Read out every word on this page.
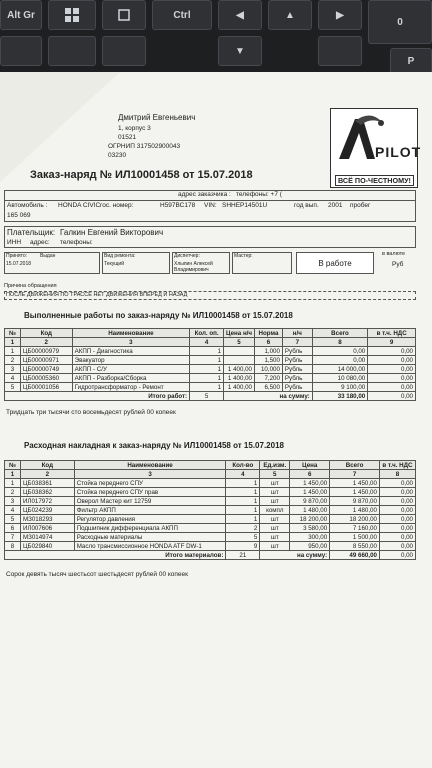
Alt Gr	Ctrl	◀	▲	▶
0
▼
P
Дмитрий Евгеньевич
1, корпус 3
01521
ОГРНИП 317502900043
03230
Заказ-наряд № ИЛ10001458 от 15.07.2018
PILOT
ВСЁ ПО-ЧЕСТНОМУ!
адрес заказчика : телефоны: +7 (
Автомобиль : HONDA CIVIC гос. номер:	Н597ВС178 VIN: SHHEP14501U	год вып. 2001 пробег
165 069
Плательщик: Галкин Евгений Викторович
ИНН адрес: телефоны:
Принято:
15.07.2018
Выдан	Вид ремонта:
Текущий
Диспетчер:
Хлыпин Алексей Владимирович
Мастер:
В работе
в валюте
Руб
Причина обращения
ПОСЛЕ ДВИЖЕНИЯ ПО ТРАССЕ НЕТ ДВИЖЕНИЯ ВПЕРЕД И НАЗАД
Выполненные работы по заказ-наряду № ИЛ10001458 от 15.07.2018
№	Код	Наименование	Кол. оп.	Цена н/ч	Норма	н/ч	Всего	в т.ч. НДС
1	2	3	4	5	6	7	8	9
1	ЦБ00000979	АКПП - Диагностика	1		1,000	Рубль	0,00	0,00
2	ЦБ00000971	Эвакуатор	1		1,500	Рубль	0,00	0,00
3	ЦБ00000749	АКПП - С/У	1	1 400,00	10,000	Рубль	14 000,00	0,00
4	ЦБ00005360	АКПП - Разборка/Сборка	1	1 400,00	7,200	Рубль	10 080,00	0,00
5	ЦБ00001056	Гидротрансформатор - Ремонт	1	1 400,00	6,500	Рубль	9 100,00	0,00
Итого работ:			5	на сумму:			33 180,00	0,00
Тридцать три тысячи сто восемьдесят рублей 00 копеек
Расходная накладная к заказ-наряду № ИЛ10001458 от 15.07.2018
№	Код	Наименование	Кол-во	Ед.изм.	Цена	Всего	в т.ч. НДС
1	2	3	4	5	6	7	8
1	ЦБ038361	Стойка переднего СПУ	1	шт	1 450,00	1 450,00	0,00
2	ЦБ038362	Стойка переднего СПУ прав	1	шт	1 450,00	1 450,00	0,00
3	ИЛ017972	Оверол Мастер кит 12759	1	шт	9 870,00	9 870,00	0,00
4	ЦБ024239	Фильтр АКПП	1	компл	1 480,00	1 480,00	0,00
5	МЗ018293	Регулятор давления	1	шт	18 200,00	18 200,00	0,00
6	ИЛ007606	Подшипник дифференциала АКПП	2	шт	3 580,00	7 160,00	0,00
7	МЗ014974	Расходные материалы	5	шт	300,00	1 500,00	0,00
8	ЦБ029840	Масло трансмиссионное HONDA ATF DW-1	9	шт	950,00	8 550,00	0,00
Итого материалов:			21	на сумму:		49 660,00	0,00
Сорок девять тысяч шестьсот шестьдесят рублей 00 копеек
